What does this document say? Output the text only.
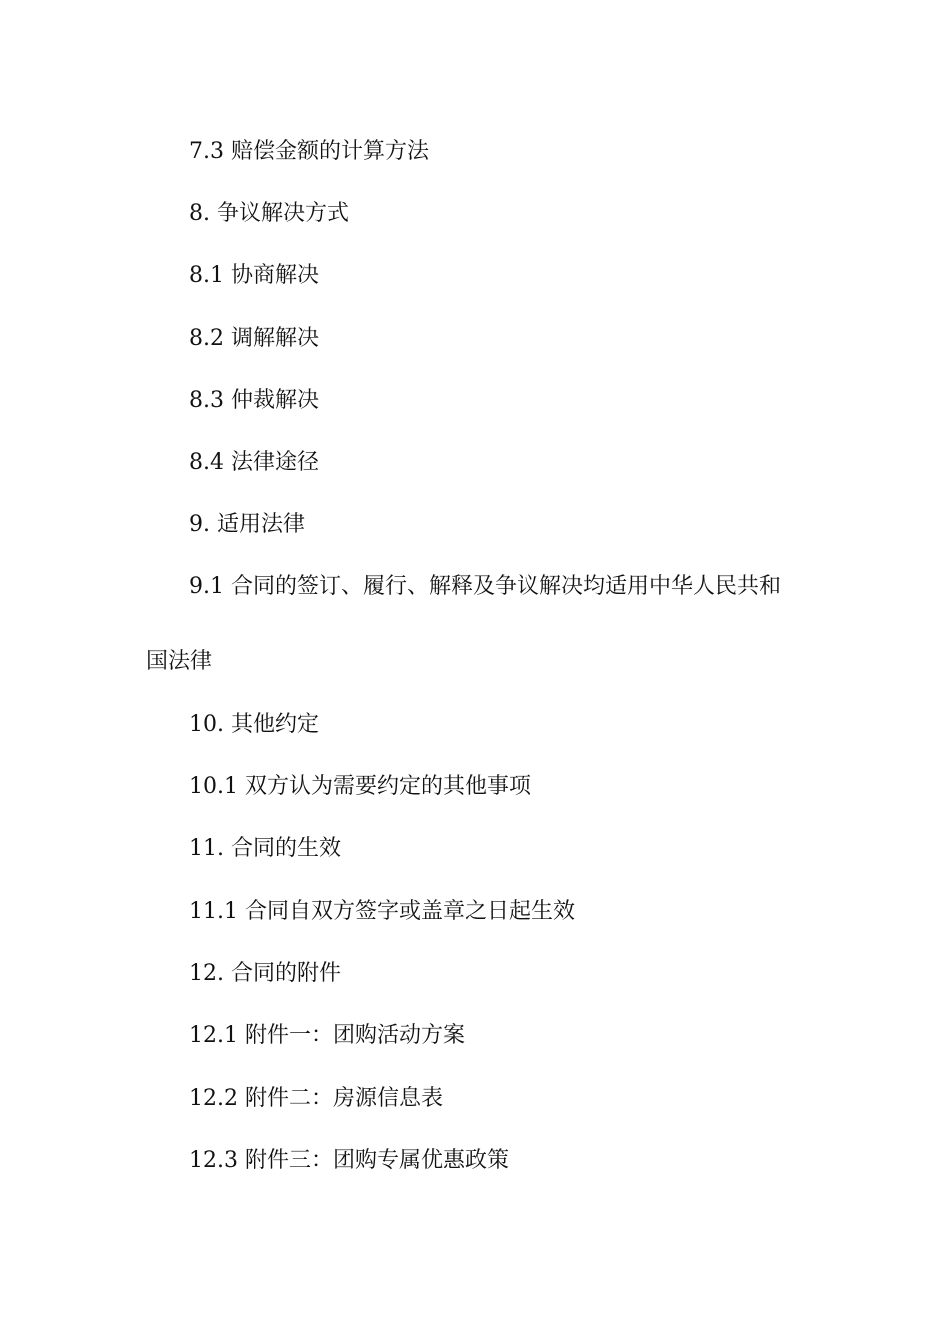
7.3 赔偿金额的计算方法
8. 争议解决方式
8.1 协商解决
8.2 调解解决
8.3 仲裁解决
8.4 法律途径
9. 适用法律
9.1 合同的签订、履行、解释及争议解决均适用中华人民共和
国法律
10. 其他约定
10.1 双方认为需要约定的其他事项
11. 合同的生效
11.1 合同自双方签字或盖章之日起生效
12. 合同的附件
12.1 附件一：团购活动方案
12.2 附件二：房源信息表
12.3 附件三：团购专属优惠政策
